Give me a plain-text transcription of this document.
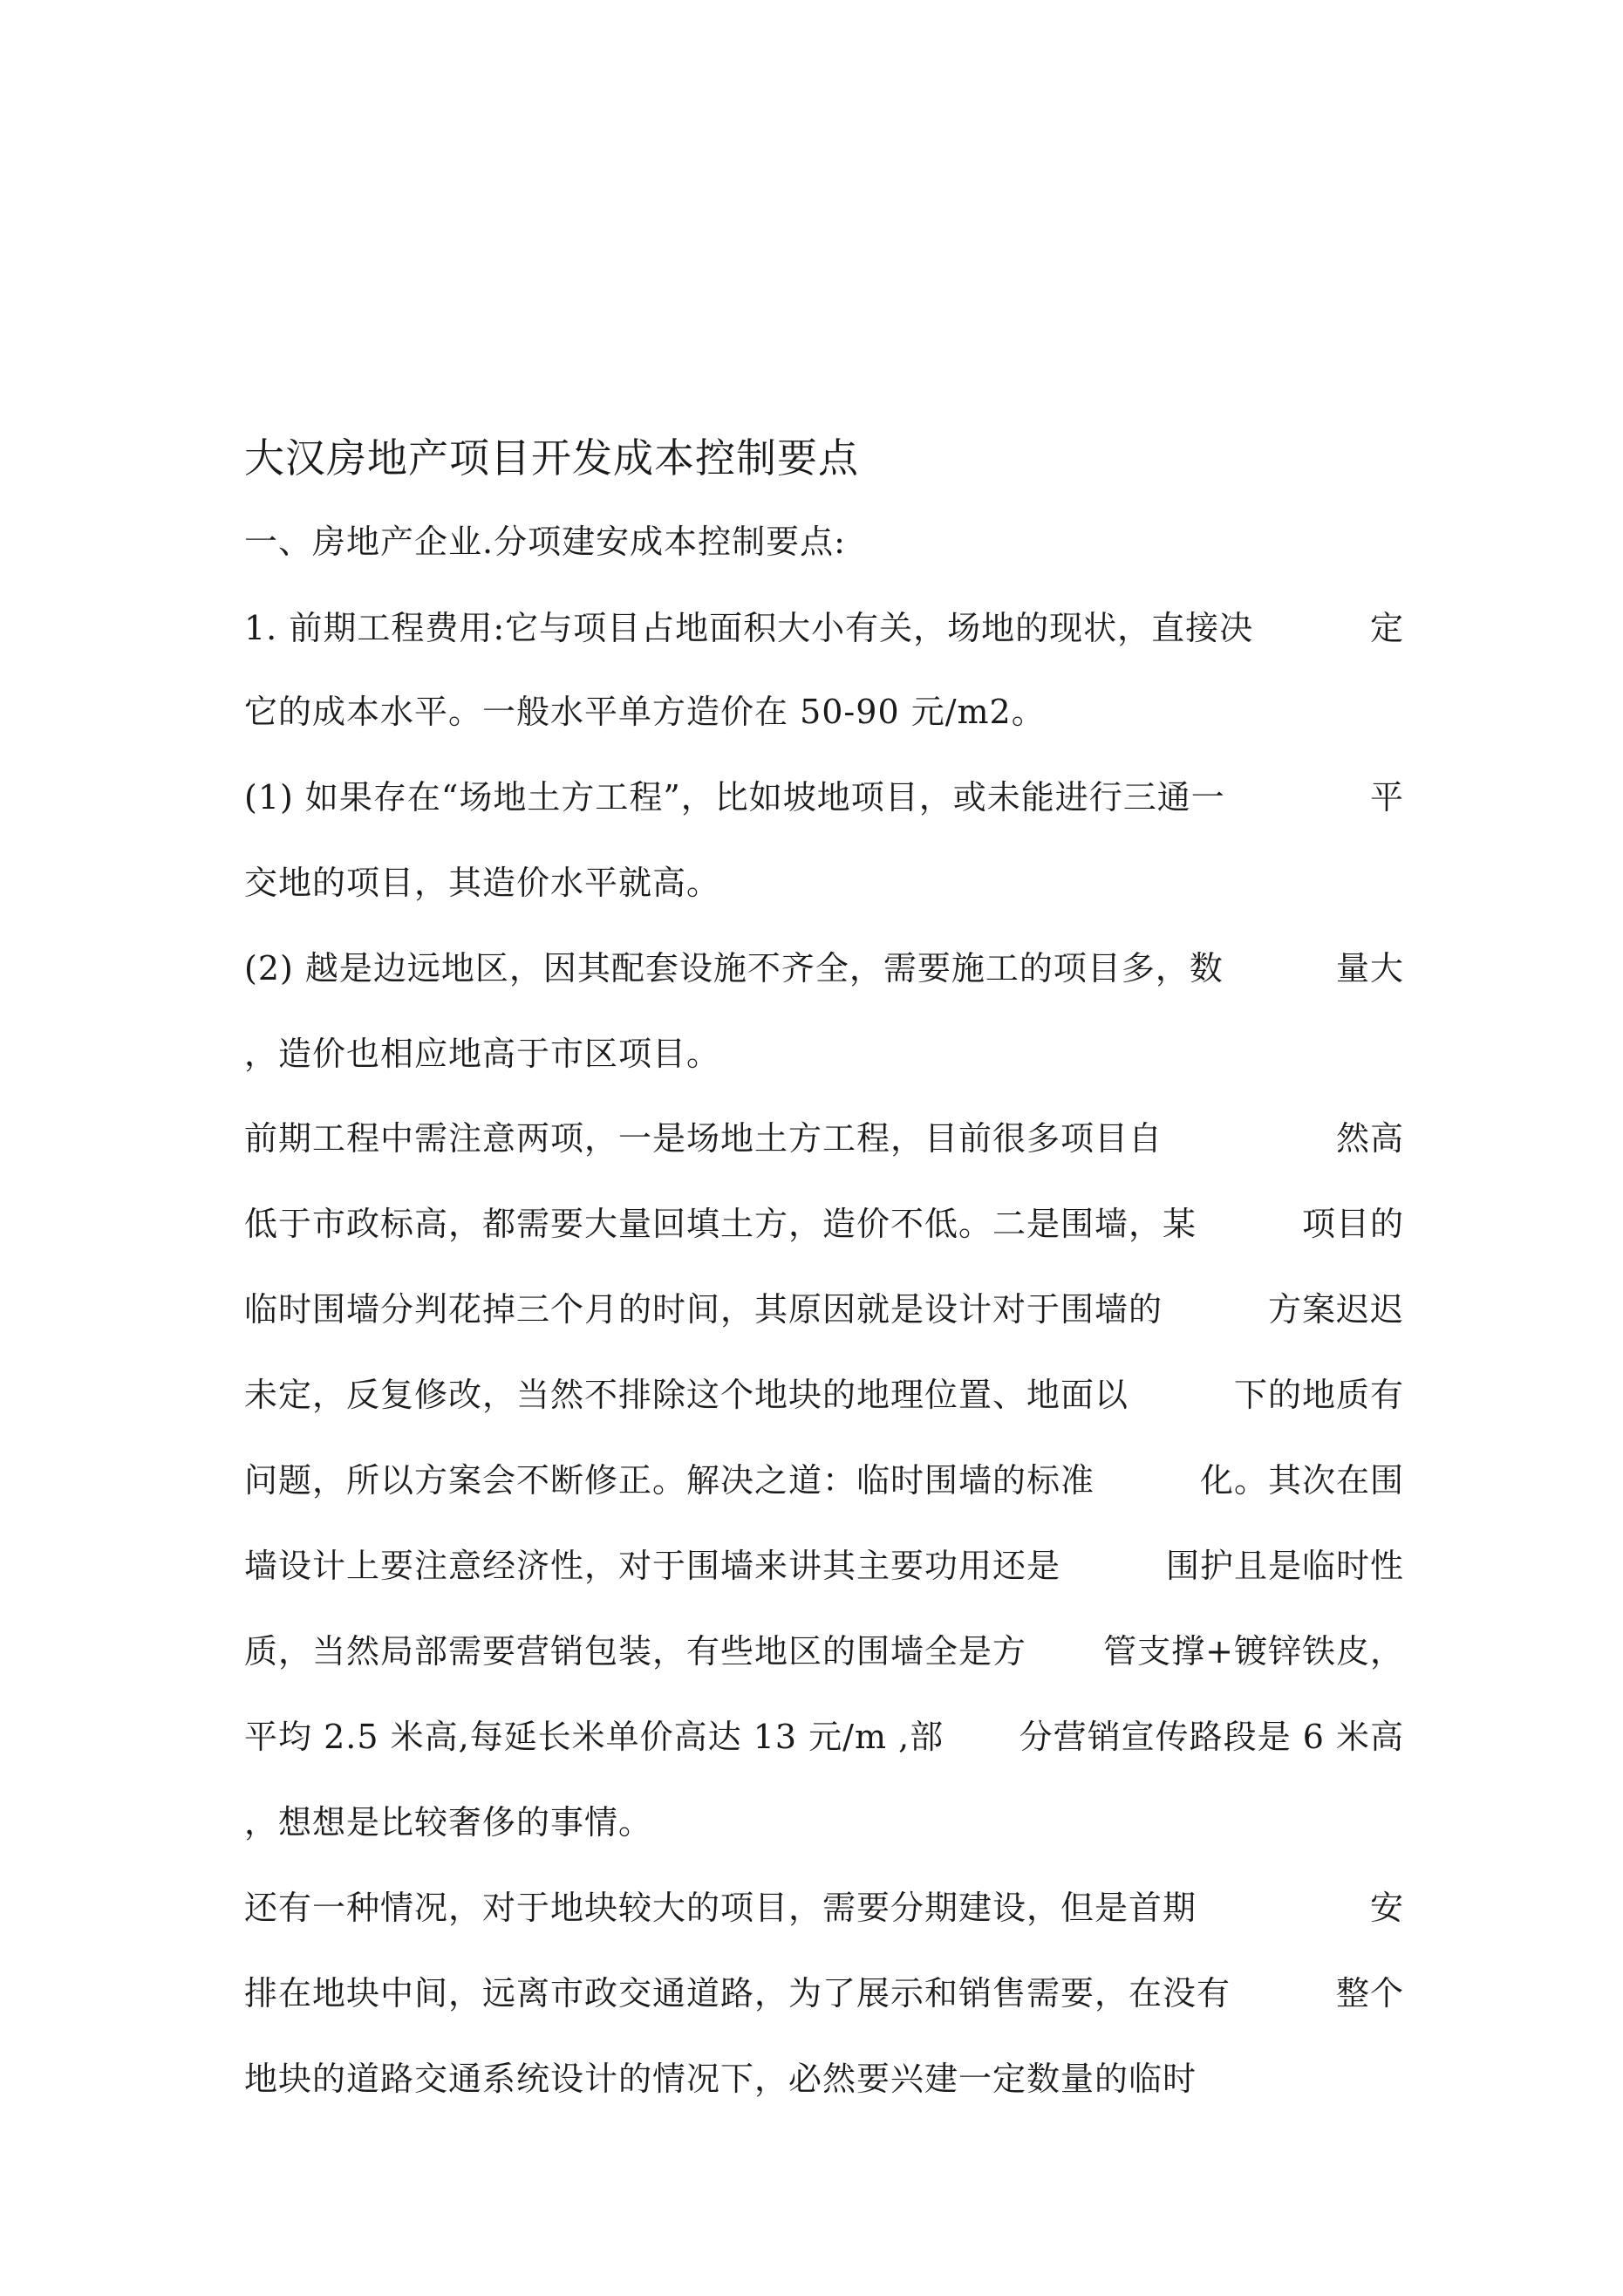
大汉房地产项目开发成本控制要点
一、房地产企业.分项建安成本控制要点:
1. 前期工程费用:它与项目占地面积大小有关，场地的现状，直接决	定
它的成本水平。一般水平单方造价在 50-90 元/m2。
(1) 如果存在“场地土方工程”，比如坡地项目，或未能进行三通一	平
交地的项目，其造价水平就高。
(2) 越是边远地区，因其配套设施不齐全，需要施工的项目多，数	量大
，造价也相应地高于市区项目。
前期工程中需注意两项，一是场地土方工程，目前很多项目自	然高
低于市政标高，都需要大量回填土方，造价不低。二是围墙，某	项目的
临时围墙分判花掉三个月的时间，其原因就是设计对于围墙的	方案迟迟
未定，反复修改，当然不排除这个地块的地理位置、地面以	下的地质有
问题，所以方案会不断修正。解决之道：临时围墙的标准	化。其次在围
墙设计上要注意经济性，对于围墙来讲其主要功用还是	围护且是临时性
质，当然局部需要营销包装，有些地区的围墙全是方 管支撑+镀锌铁皮，
平均 2.5 米高,每延长米单价高达 13 元/m ,部 分营销宣传路段是 6 米高
，想想是比较奢侈的事情。
还有一种情况，对于地块较大的项目，需要分期建设，但是首期	安
排在地块中间，远离市政交通道路，为了展示和销售需要，在没有	整个
地块的道路交通系统设计的情况下，必然要兴建一定数量的临时
